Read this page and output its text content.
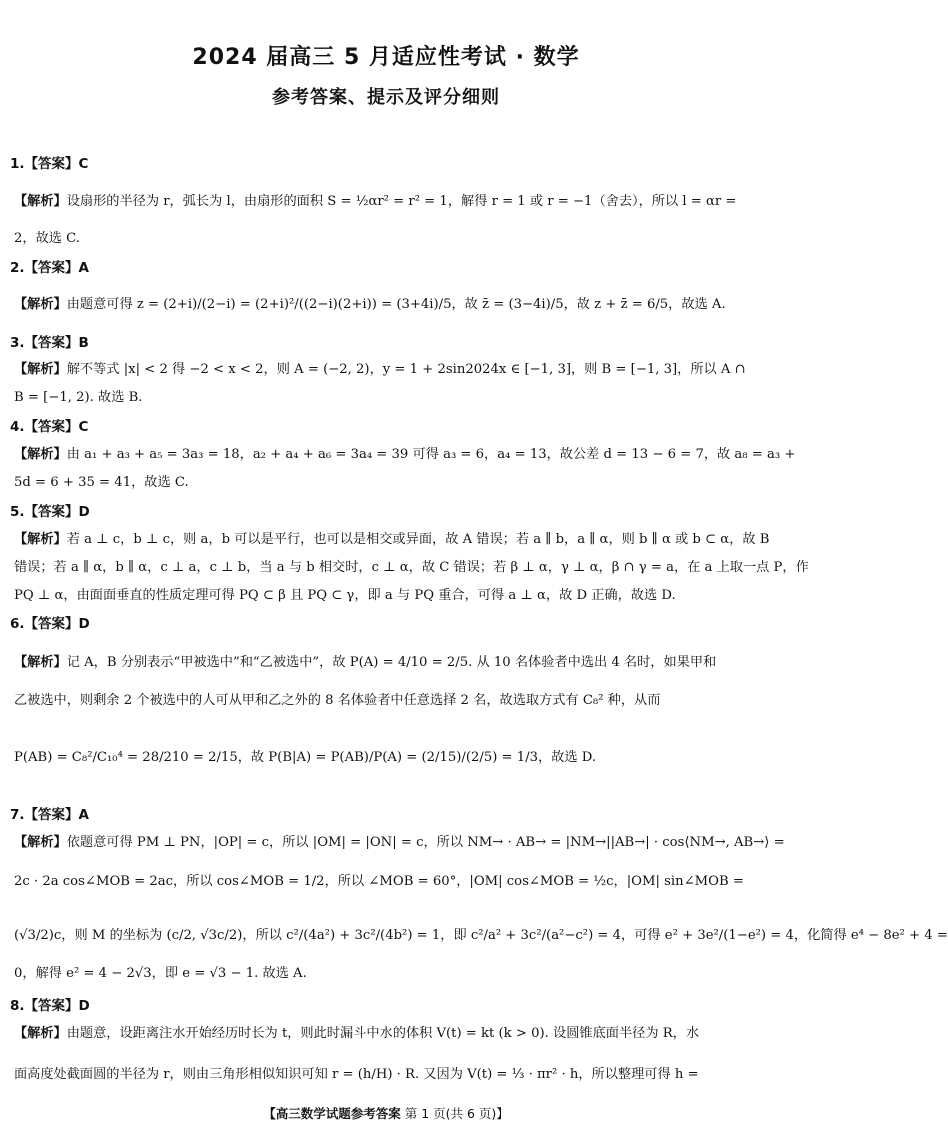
2024 届高三 5 月适应性考试 · 数学
参考答案、提示及评分细则
1.【答案】C
【解析】设扇形的半径为 r，弧长为 l，由扇形的面积 S = ½αr² = r² = 1，解得 r = 1 或 r = −1（舍去），所以 l = αr =
2，故选 C.
2.【答案】A
【解析】由题意可得 z = (2+i)/(2−i) = (2+i)²/((2−i)(2+i)) = (3+4i)/5，故 z̄ = (3−4i)/5，故 z + z̄ = 6/5，故选 A.
3.【答案】B
【解析】解不等式 |x| < 2 得 −2 < x < 2，则 A = (−2, 2)，y = 1 + 2sin2024x ∈ [−1, 3]，则 B = [−1, 3]，所以 A ∩
B = [−1, 2). 故选 B.
4.【答案】C
【解析】由 a₁ + a₃ + a₅ = 3a₃ = 18，a₂ + a₄ + a₆ = 3a₄ = 39 可得 a₃ = 6，a₄ = 13，故公差 d = 13 − 6 = 7，故 a₈ = a₃ +
5d = 6 + 35 = 41，故选 C.
5.【答案】D
【解析】若 a ⊥ c，b ⊥ c，则 a，b 可以是平行，也可以是相交或异面，故 A 错误；若 a ∥ b，a ∥ α，则 b ∥ α 或 b ⊂ α，故 B
错误；若 a ∥ α，b ∥ α，c ⊥ a，c ⊥ b，当 a 与 b 相交时，c ⊥ α，故 C 错误；若 β ⊥ α，γ ⊥ α，β ∩ γ = a，在 a 上取一点 P，作
PQ ⊥ α，由面面垂直的性质定理可得 PQ ⊂ β 且 PQ ⊂ γ，即 a 与 PQ 重合，可得 a ⊥ α，故 D 正确，故选 D.
6.【答案】D
【解析】记 A，B 分别表示“甲被选中”和“乙被选中”，故 P(A) = 4/10 = 2/5. 从 10 名体验者中选出 4 名时，如果甲和
乙被选中，则剩余 2 个被选中的人可从甲和乙之外的 8 名体验者中任意选择 2 名，故选取方式有 C₈² 种，从而
P(AB) = C₈²/C₁₀⁴ = 28/210 = 2/15，故 P(B|A) = P(AB)/P(A) = (2/15)/(2/5) = 1/3，故选 D.
7.【答案】A
【解析】依题意可得 PM ⊥ PN，|OP| = c，所以 |OM| = |ON| = c，所以 NM→ · AB→ = |NM→||AB→| · cos⟨NM→, AB→⟩ =
2c · 2a cos∠MOB = 2ac，所以 cos∠MOB = 1/2，所以 ∠MOB = 60°，|OM| cos∠MOB = ½c，|OM| sin∠MOB =
(√3/2)c，则 M 的坐标为 (c/2, √3c/2)，所以 c²/(4a²) + 3c²/(4b²) = 1，即 c²/a² + 3c²/(a²−c²) = 4，可得 e² + 3e²/(1−e²) = 4，化简得 e⁴ − 8e² + 4 =
0，解得 e² = 4 − 2√3，即 e = √3 − 1. 故选 A.
8.【答案】D
【解析】由题意，设距离注水开始经历时长为 t，则此时漏斗中水的体积 V(t) = kt (k > 0). 设圆锥底面半径为 R，水
面高度处截面圆的半径为 r，则由三角形相似知识可知 r = (h/H) · R. 又因为 V(t) = ⅓ · πr² · h，所以整理可得 h =
【高三数学试题参考答案 第 1 页(共 6 页)】
